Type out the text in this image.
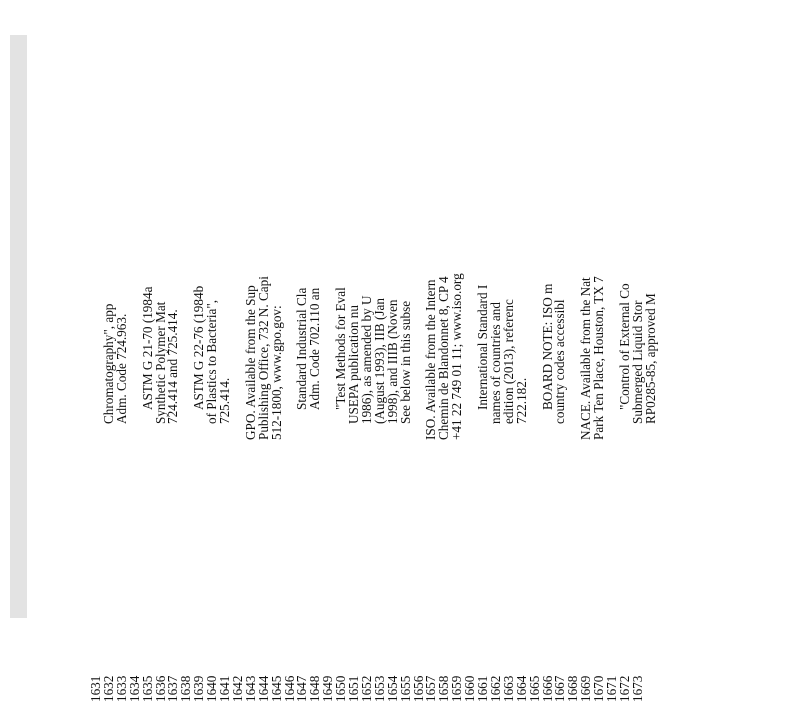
1631
1632
Chromatography", app
1633
Adm. Code 724.963.
1634
1635
ASTM G 21-70 (1984a
1636
Synthetic Polymer Mat
1637
724.414 and 725.414.
1638
1639
ASTM G 22-76 (1984b
1640
of Plastics to Bacteria",
1641
725.414.
1642
1643
GPO. Available from the Sup
1644
Publishing Office, 732 N. Capi
1645
512-1800, www.gpo.gov:
1646
1647
Standard Industrial Cla
1648
Adm. Code 702.110 an
1649
1650
"Test Methods for Eval
1651
USEPA publication nu
1652
1986), as amended by U
1653
(August 1993), IIB (Jan
1654
1998), and IIIB (Noven
1655
See below in this subse
1656
1657
ISO. Available from the Intern
1658
Chemin de Blandonnet 8, CP 4
1659
+41 22 749 01 11; www.iso.org
1660
1661
International Standard I
1662
names of countries and
1663
edition (2013), referenc
1664
722.182.
1665
1666
BOARD NOTE: ISO m
1667
country codes accessibl
1668
1669
NACE. Available from the Nat
1670
Park Ten Place, Houston, TX 7
1671
1672
"Control of External Co
1673
Submerged Liquid Stor
RP0285-85, approved M
